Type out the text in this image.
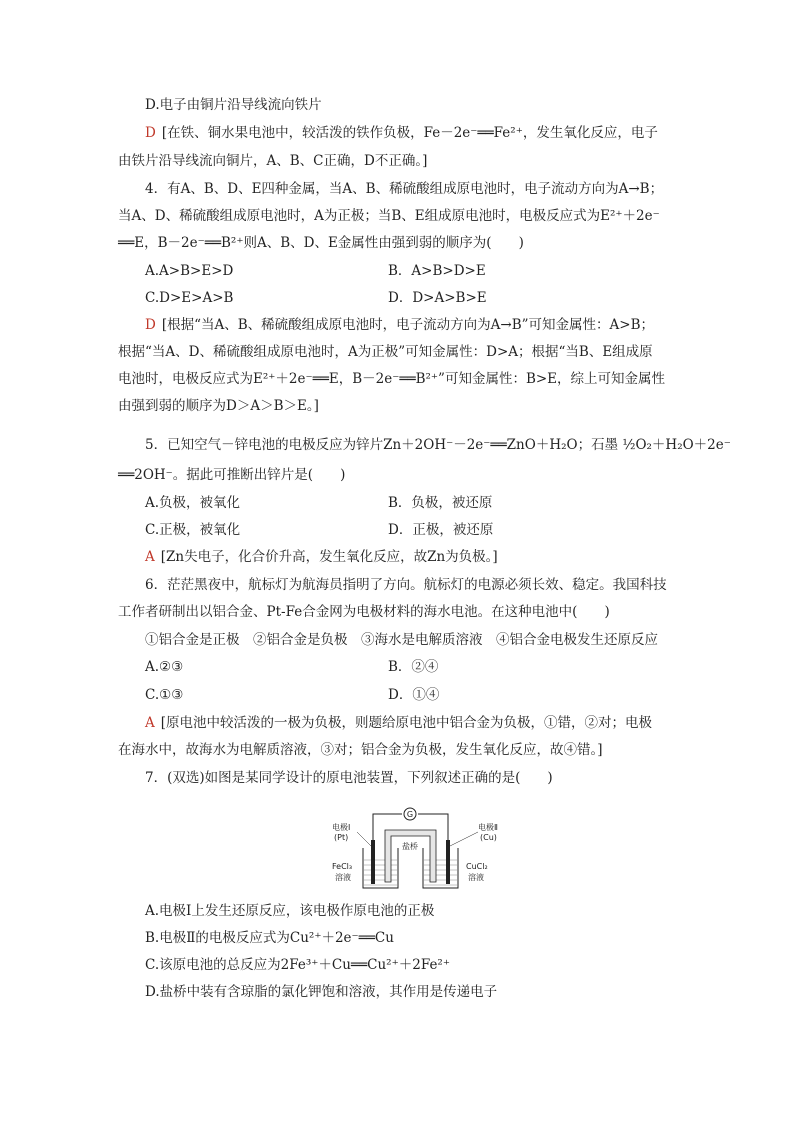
D.电子由铜片沿导线流向铁片
D [在铁、铜水果电池中，较活泼的铁作负极，Fe－2e⁻══Fe²⁺，发生氧化反应，电子
由铁片沿导线流向铜片，A、B、C正确，D不正确。]
4．有A、B、D、E四种金属，当A、B、稀硫酸组成原电池时，电子流动方向为A→B；
当A、D、稀硫酸组成原电池时，A为正极；当B、E组成原电池时，电极反应式为E²⁺＋2e⁻
══E，B－2e⁻══B²⁺则A、B、D、E金属性由强到弱的顺序为(　　)
A.A>B>E>D	B．A>B>D>E
C.D>E>A>B	D．D>A>B>E
D [根据“当A、B、稀硫酸组成原电池时，电子流动方向为A→B”可知金属性：A>B；
根据“当A、D、稀硫酸组成原电池时，A为正极”可知金属性：D>A；根据“当B、E组成原
电池时，电极反应式为E²⁺＋2e⁻══E，B－2e⁻══B²⁺”可知金属性：B>E，综上可知金属性
由强到弱的顺序为D＞A＞B＞E。]
5．已知空气－锌电池的电极反应为锌片Zn＋2OH⁻－2e⁻══ZnO＋H₂O；石墨 ½O₂＋H₂O＋2e⁻
══2OH⁻。据此可推断出锌片是(　　)
A.负极，被氧化	B．负极，被还原
C.正极，被氧化	D．正极，被还原
A [Zn失电子，化合价升高，发生氧化反应，故Zn为负极。]
6．茫茫黑夜中，航标灯为航海员指明了方向。航标灯的电源必须长效、稳定。我国科技
工作者研制出以铝合金、Pt-Fe合金网为电极材料的海水电池。在这种电池中(　　)
①铝合金是正极　②铝合金是负极　③海水是电解质溶液　④铝合金电极发生还原反应
A.②③	B．②④
C.①③	D．①④
A [原电池中较活泼的一极为负极，则题给原电池中铝合金为负极，①错，②对；电极
在海水中，故海水为电解质溶液，③对；铝合金为负极，发生氧化反应，故④错。]
7．(双选)如图是某同学设计的原电池装置，下列叙述正确的是(　　)
G
盐桥
电极Ⅰ
(Pt)
电极Ⅱ
(Cu)
FeCl₃
溶液
CuCl₂
溶液
A.电极Ⅰ上发生还原反应，该电极作原电池的正极
B.电极Ⅱ的电极反应式为Cu²⁺＋2e⁻══Cu
C.该原电池的总反应为2Fe³⁺＋Cu══Cu²⁺＋2Fe²⁺
D.盐桥中装有含琼脂的氯化钾饱和溶液，其作用是传递电子
